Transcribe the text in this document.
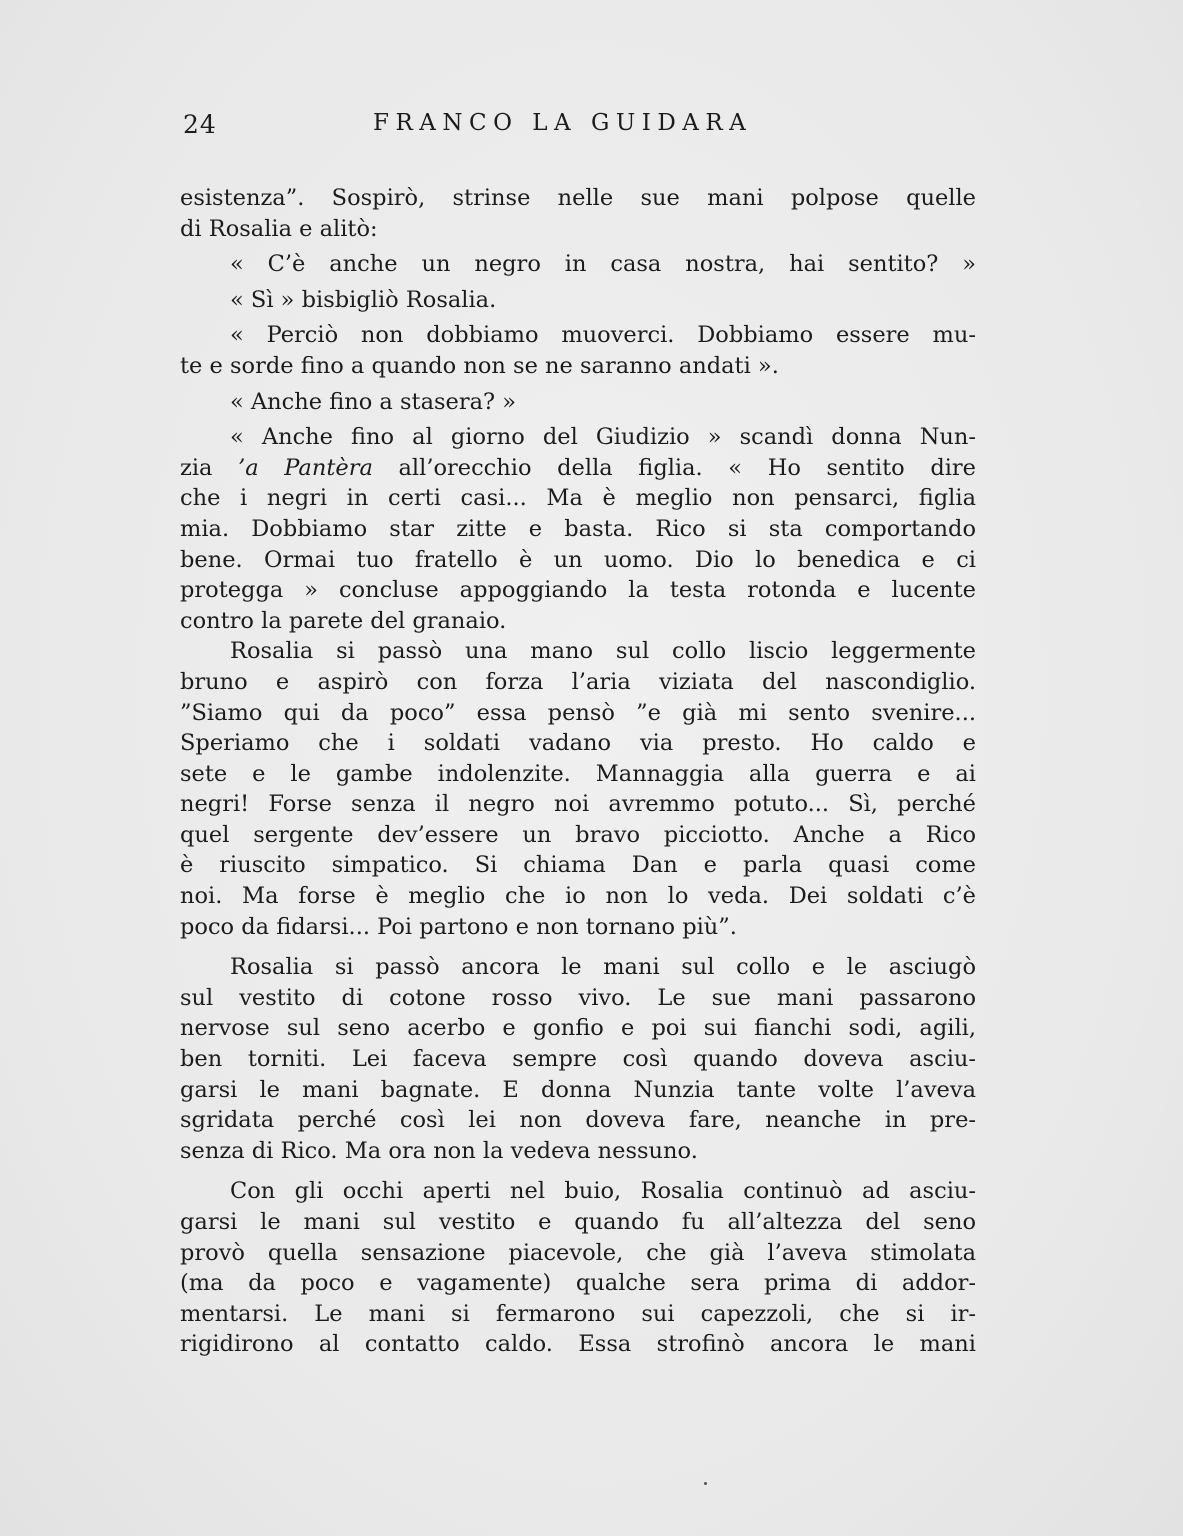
24	FRANCO LA GUIDARA
esistenza”. Sospirò, strinse nelle sue mani polpose quelle
di Rosalia e alitò:
« C’è anche un negro in casa nostra, hai sentito? »
« Sì » bisbigliò Rosalia.
« Perciò non dobbiamo muoverci. Dobbiamo essere mu-
te e sorde fino a quando non se ne saranno andati ».
« Anche fino a stasera? »
« Anche fino al giorno del Giudizio » scandì donna Nun-
zia ’a Pantèra all’orecchio della figlia. « Ho sentito dire
che i negri in certi casi... Ma è meglio non pensarci, figlia
mia. Dobbiamo star zitte e basta. Rico si sta comportando
bene. Ormai tuo fratello è un uomo. Dio lo benedica e ci
protegga » concluse appoggiando la testa rotonda e lucente
contro la parete del granaio.
Rosalia si passò una mano sul collo liscio leggermente
bruno e aspirò con forza l’aria viziata del nascondiglio.
”Siamo qui da poco” essa pensò ”e già mi sento svenire...
Speriamo che i soldati vadano via presto. Ho caldo e
sete e le gambe indolenzite. Mannaggia alla guerra e ai
negri! Forse senza il negro noi avremmo potuto... Sì, perché
quel sergente dev’essere un bravo picciotto. Anche a Rico
è riuscito simpatico. Si chiama Dan e parla quasi come
noi. Ma forse è meglio che io non lo veda. Dei soldati c’è
poco da fidarsi... Poi partono e non tornano più”.
Rosalia si passò ancora le mani sul collo e le asciugò
sul vestito di cotone rosso vivo. Le sue mani passarono
nervose sul seno acerbo e gonfio e poi sui fianchi sodi, agili,
ben torniti. Lei faceva sempre così quando doveva asciu-
garsi le mani bagnate. E donna Nunzia tante volte l’aveva
sgridata perché così lei non doveva fare, neanche in pre-
senza di Rico. Ma ora non la vedeva nessuno.
Con gli occhi aperti nel buio, Rosalia continuò ad asciu-
garsi le mani sul vestito e quando fu all’altezza del seno
provò quella sensazione piacevole, che già l’aveva stimolata
(ma da poco e vagamente) qualche sera prima di addor-
mentarsi. Le mani si fermarono sui capezzoli, che si ir-
rigidirono al contatto caldo. Essa strofinò ancora le mani
